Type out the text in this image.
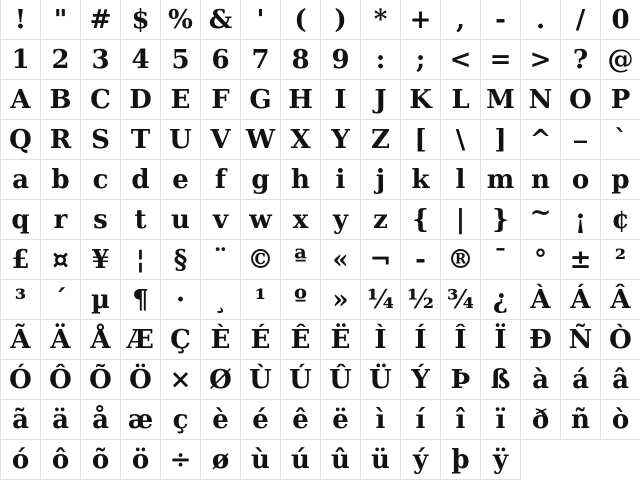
!	" # $ % & '	(	)	* + ,	-	.	/	0
1 2 3 4 5 6 7 8 9	:	; < = > ? @
A B C D E F G H I	J K L M N O P
Q R S T U V W X Y Z [	\	] ^ _	`
a b c d e	f g h i	j	k	l m n o p
q r s	t u v w x y z {	|	} ~ ¡ ¢
£ ¤ ¥	¦	§	¨ © ª « ¬ - ® ¯	° ± ²
³	´ µ ¶	·	¸	¹	º » ¼ ½ ¾ ¿ À Á Â
Ã Ä Å Æ Ç È É Ê Ë Ì	Í	Î	Ï Ð Ñ Ò
Ó Ô Õ Ö × Ø Ù Ú Û Ü Ý Þ ß à á â
ã ä å æ ç è é ê ë	ì	í	î	ï	ð ñ ò
ó ô õ ö ÷ ø ù ú û ü ý þ ÿ
